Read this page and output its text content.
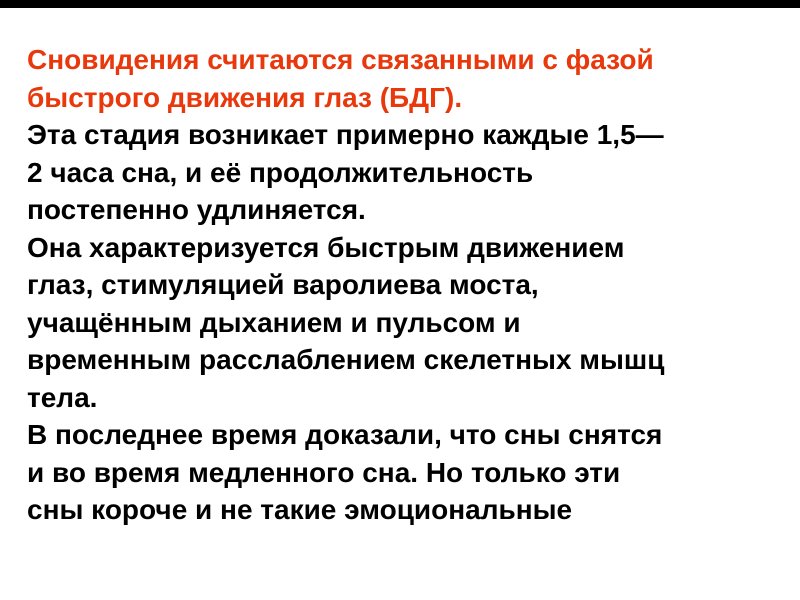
Сновидения считаются связанными с фазой
быстрого движения глаз (БДГ).
Эта стадия возникает примерно каждые 1,5—
2 часа сна, и её продолжительность
постепенно удлиняется.
Она характеризуется быстрым движением
глаз, стимуляцией варолиева моста,
учащённым дыханием и пульсом и
временным расслаблением скелетных мышц
тела.
В последнее время доказали, что сны снятся
и во время медленного сна. Но только эти
сны короче и не такие эмоциональные
